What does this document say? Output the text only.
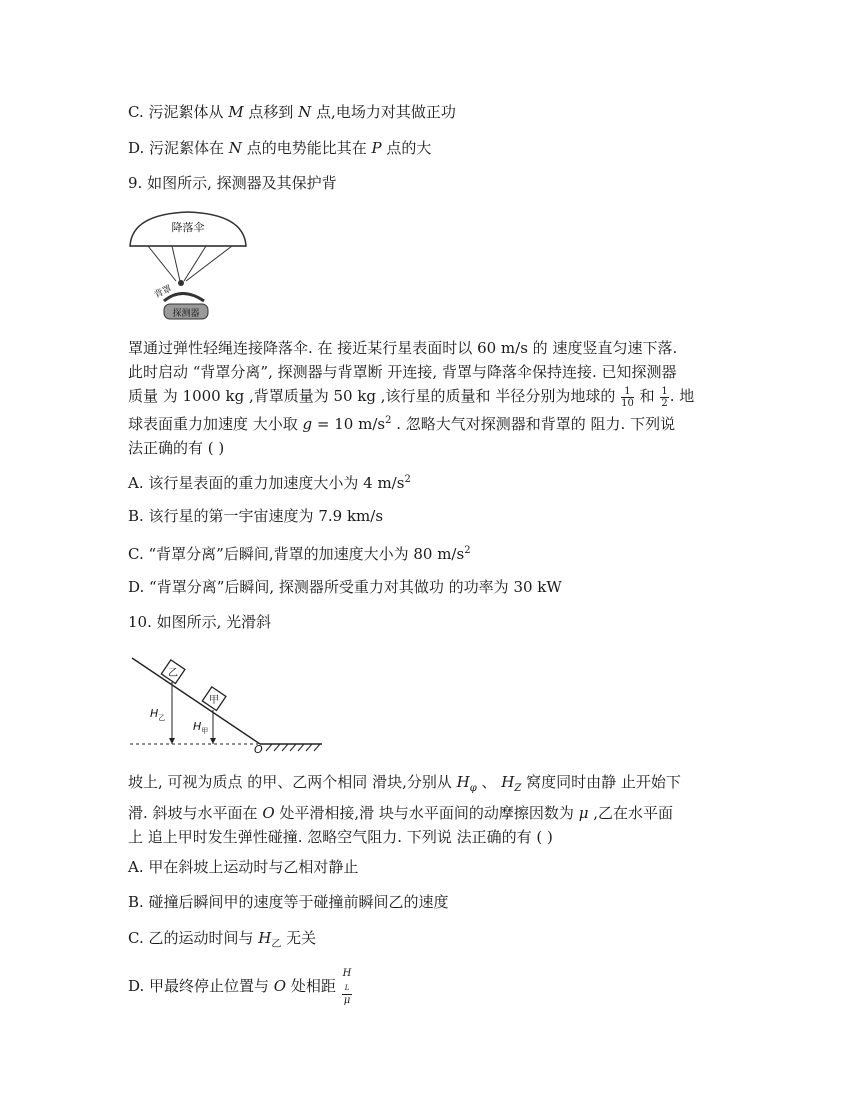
C. 污泥絮体从 M 点移到 N 点,电场力对其做正功
D. 污泥絮体在 N 点的电势能比其在 P 点的大
9. 如图所示, 探测器及其保护背
降落伞
背罩
探测器

罩通过弹性轻绳连接降落伞. 在 接近某行星表面时以 60 m/s 的 速度竖直匀速下落.

此时启动 “背罩分离”, 探测器与背罩断 开连接, 背罩与降落伞保持连接. 已知探测器

质量 为 1000 kg ,背罩质量为 50 kg ,该行星的质量和 半径分别为地球的 $\frac{1}{10}$ 和 $\frac{1}{2}$ . 地

球表面重力加速度 大小取 g = 10 $m/s^2$ . 忽略大气对探测器和背罩的 阻力. 下列说

法正确的有 ( )

A. 该行星表面的重力加速度大小为 4 $m/s^2$
B. 该行星的第一宇宙速度为 7.9 km/s
C. “背罩分离”后瞬间,背罩的加速度大小为 80 $m/s^2$
D. “背罩分离”后瞬间, 探测器所受重力对其做功 的功率为 30 kW
10. 如图所示, 光滑斜
乙
甲
$H_乙$
$H_甲$
O

坡上, 可视为质点 的甲、乙两个相同 滑块,分别从 $H_\varphi$ 、 $H_Z$ 窝度同时由静 止开始下

滑. 斜坡与水平面在 O 处平滑相接,滑 块与水平面间的动摩擦因数为 μ ,乙在水平面

上 追上甲时发生弹性碰撞. 忽略空气阻力. 下列说 法正确的有 ( )

A. 甲在斜坡上运动时与乙相对静止
B. 碰撞后瞬间甲的速度等于碰撞前瞬间乙的速度
C. 乙的运动时间与 $H_乙$ 无关
D. 甲最终停止位置与 O 处相距 H
$_L$
μ
